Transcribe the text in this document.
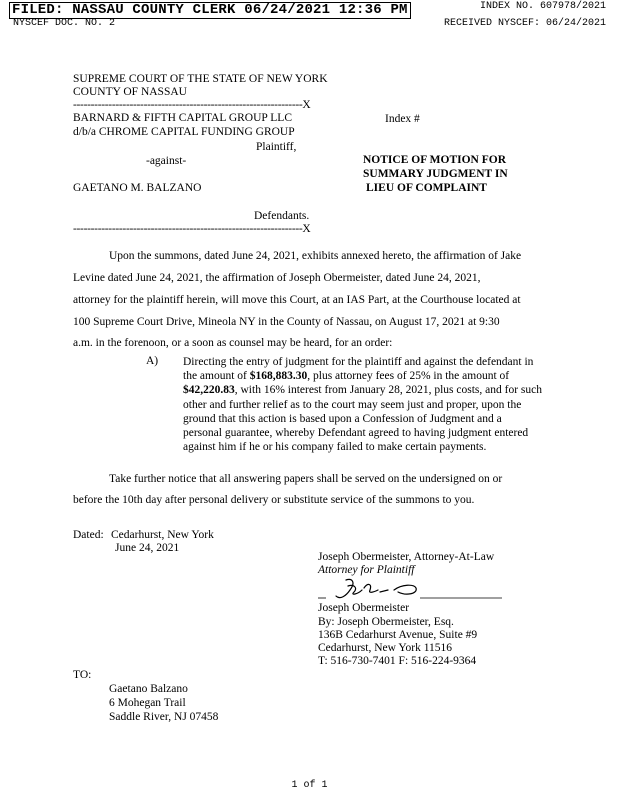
FILED: NASSAU COUNTY CLERK 06/24/2021 12:36 PM	INDEX NO. 607978/2021
NYSCEF DOC. NO. 2	RECEIVED NYSCEF: 06/24/2021
SUPREME COURT OF THE STATE OF NEW YORK
COUNTY OF NASSAU
-----------------------------------------------------------------X
BARNARD & FIFTH CAPITAL GROUP LLC
d/b/a CHROME CAPITAL FUNDING GROUP
Index #
Plaintiff,
-against-	NOTICE OF MOTION FOR
SUMMARY JUDGMENT IN
LIEU OF COMPLAINT
GAETANO M. BALZANO
Defendants.
-----------------------------------------------------------------X
Upon the summons, dated June 24, 2021, exhibits annexed hereto, the affirmation of Jake
Levine dated June 24, 2021, the affirmation of Joseph Obermeister, dated June 24, 2021,
attorney for the plaintiff herein, will move this Court, at an IAS Part, at the Courthouse located at
100 Supreme Court Drive, Mineola NY in the County of Nassau, on August 17, 2021 at 9:30
a.m. in the forenoon, or a soon as counsel may be heard, for an order:
A) Directing the entry of judgment for the plaintiff and against the defendant in the amount of $168,883.30, plus attorney fees of 25% in the amount of $42,220.83, with 16% interest from January 28, 2021, plus costs, and for such other and further relief as to the court may seem just and proper, upon the ground that this action is based upon a Confession of Judgment and a personal guarantee, whereby Defendant agreed to having judgment entered against him if he or his company failed to make certain payments.
Take further notice that all answering papers shall be served on the undersigned on or
before the 10th day after personal delivery or substitute service of the summons to you.
Dated: Cedarhurst, New York
June 24, 2021
Joseph Obermeister, Attorney-At-Law
Attorney for Plaintiff
Joseph Obermeister
By: Joseph Obermeister, Esq.
136B Cedarhurst Avenue, Suite #9
Cedarhurst, New York 11516
T: 516-730-7401 F: 516-224-9364
TO:
Gaetano Balzano
6 Mohegan Trail
Saddle River, NJ 07458
1 of 1
